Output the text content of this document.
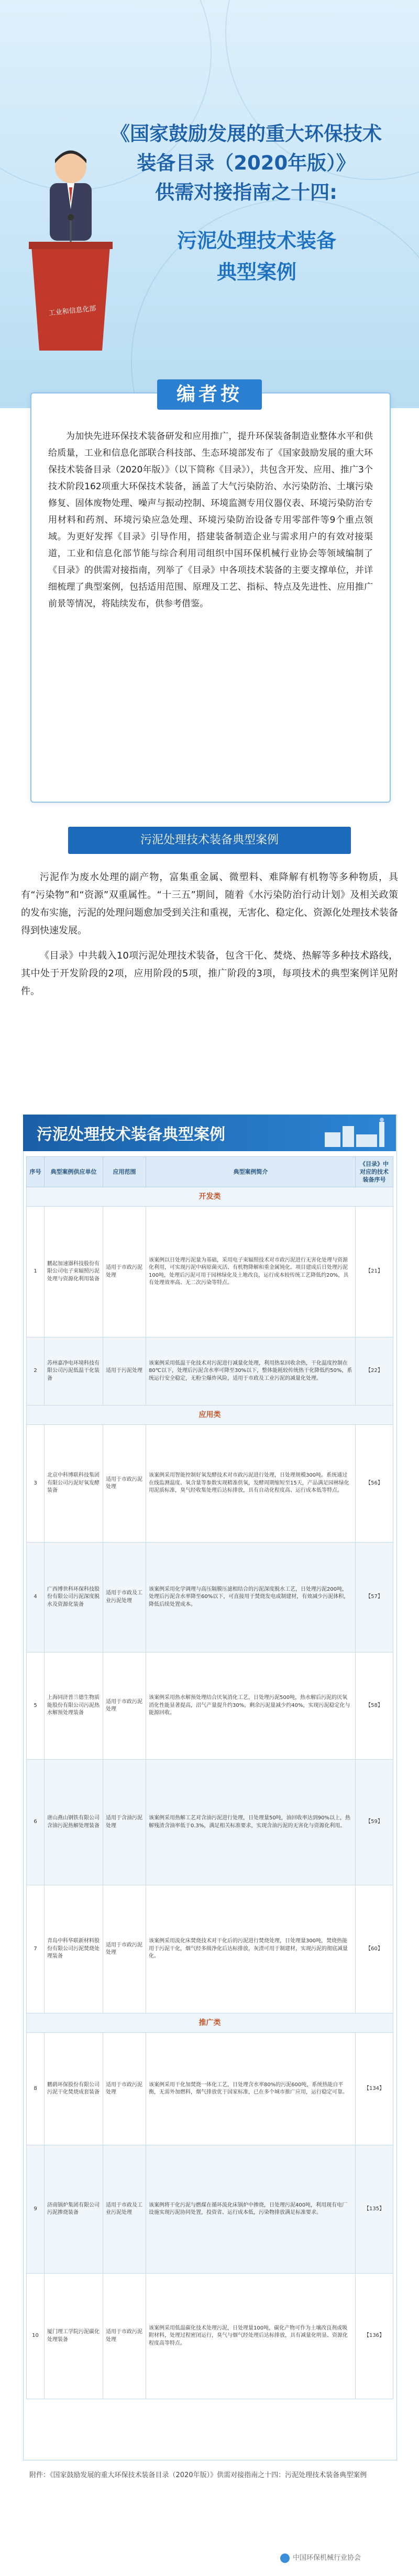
工业和信息化部
《国家鼓励发展的重大环保技术
装备目录（2020年版）》
供需对接指南之十四:
污泥处理技术装备
典型案例
编者按
为加快先进环保技术装备研发和应用推广，提升环保装备制造业整体水平和供给质量，工业和信息化部联合科技部、生态环境部发布了《国家鼓励发展的重大环保技术装备目录（2020年版）》（以下简称《目录》），共包含开发、应用、推广3个技术阶段162项重大环保技术装备，涵盖了大气污染防治、水污染防治、土壤污染修复、固体废物处理、噪声与振动控制、环境监测专用仪器仪表、环境污染防治专用材料和药剂、环境污染应急处理、环境污染防治设备专用零部件等9个重点领域。为更好发挥《目录》引导作用，搭建装备制造企业与需求用户的有效对接渠道，工业和信息化部节能与综合利用司组织中国环保机械行业协会等领域编制了《目录》的供需对接指南，列举了《目录》中各项技术装备的主要支撑单位，并详细梳理了典型案例，包括适用范围、原理及工艺、指标、特点及先进性、应用推广前景等情况，将陆续发布，供参考借鉴。
污泥处理技术装备典型案例

污泥作为废水处理的副产物，富集重金属、微塑料、难降解有机物等多种物质，具有“污染物”和“资源”双重属性。“十三五”期间，随着《水污染防治行动计划》及相关政策的发布实施，污泥的处理问题愈加受到关注和重视，无害化、稳定化、资源化处理技术装备得到快速发展。

《目录》中共载入10项污泥处理技术装备，包含干化、焚烧、热解等多种技术路线，其中处于开发阶段的2项，应用阶段的5项，推广阶段的3项，每项技术的典型案例详见附件。

污泥处理技术装备典型案例
序号	典型案例供应单位	应用范围	典型案例简介	《目录》中对应的技术装备序号
开发类				
1	鹏起加速器科技股份有限公司电子束辐照污泥处理与资源化利用装备	适用于市政污泥处理	该案例以日处理污泥量为基础，采用电子束辐照技术对市政污泥进行无害化处理与资源化利用，可实现污泥中病原菌灭活、有机物降解和重金属钝化。项目建成后日处理污泥100吨，处理后污泥可用于园林绿化及土地改良，运行成本较传统工艺降低约20%，具有处理效率高、无二次污染等特点。	【21】
2	苏州嘉净电环境科技有限公司污泥低温干化装备	适用于污泥处理	该案例采用低温干化技术对污泥进行减量化处理，利用热泵回收余热，干化温度控制在80℃以下，处理后污泥含水率可降至30%以下，整体能耗较传统热干化降低约50%，系统运行安全稳定，无粉尘爆炸风险，适用于市政及工业污泥的减量化处理。	【22】
应用类				
3	北京中科博联科技集团有限公司污泥好氧发酵装备	适用于市政污泥处理	该案例采用智能控制好氧发酵技术对市政污泥进行处理，日处理规模300吨。系统通过在线监测温度、氧含量等参数实现精准供氧，发酵周期缩短至15天，产品满足园林绿化用泥质标准，臭气经收集处理后达标排放，具有自动化程度高、运行成本低等特点。	【56】
4	广西博世科环保科技股份有限公司污泥深度脱水及资源化装备	适用于市政及工业污泥处理	该案例采用化学调理与高压隔膜压滤相结合的污泥深度脱水工艺，日处理污泥200吨，处理后污泥含水率降至60%以下，可直接用于焚烧发电或制建材，有效减少污泥体积，降低后续处置成本。	【57】
5	上海同济普兰德生物质能股份有限公司污泥热水解预处理装备	适用于市政污泥处理	该案例采用热水解预处理结合厌氧消化工艺，日处理污泥500吨，热水解后污泥的厌氧消化性能显著提高，沼气产量提升约30%，剩余污泥量减少约40%，实现污泥稳定化与能源回收。	【58】
6	唐山燕山钢铁有限公司含油污泥热解处理装备	适用于含油污泥处理	该案例采用热解工艺对含油污泥进行处理，日处理量50吨，油回收率达到90%以上，热解残渣含油率低于0.3%，满足相关标准要求，实现含油污泥的无害化与资源化利用。	【59】
7	青岛中科华联新材料股份有限公司污泥焚烧处理装备	适用于市政污泥处理	该案例采用流化床焚烧技术对干化后的污泥进行焚烧处理，日处理量300吨，焚烧热能用于污泥干化，烟气经多级净化后达标排放，灰渣可用于制建材，实现污泥的彻底减量化。	【60】
推广类				
8	鹏鹞环保股份有限公司污泥干化焚烧成套装备	适用于市政污泥处理	该案例采用干化加焚烧一体化工艺，日处理含水率80%的污泥600吨，系统热能自平衡，无需外加燃料，烟气排放优于国家标准，已在多个城市推广应用，运行稳定可靠。	【134】
9	济南锅炉集团有限公司污泥掺烧装备	适用于市政及工业污泥处理	该案例将干化污泥与燃煤在循环流化床锅炉中掺烧，日处理污泥400吨，利用现有电厂设施实现污泥协同处置，投资省、运行成本低，污染物排放满足标准要求。	【135】
10	厦门理工学院污泥碳化处理装备	适用于市政污泥处理	该案例采用低温碳化技术处理污泥，日处理量100吨，碳化产物可作为土壤改良剂或吸附材料，处理过程密闭运行，臭气与烟气经处理后达标排放，具有减量化明显、资源化程度高等特点。	【136】
附件：《国家鼓励发展的重大环保技术装备目录（2020年版）》供需对接指南之十四：污泥处理技术装备典型案例
中国环保机械行业协会
